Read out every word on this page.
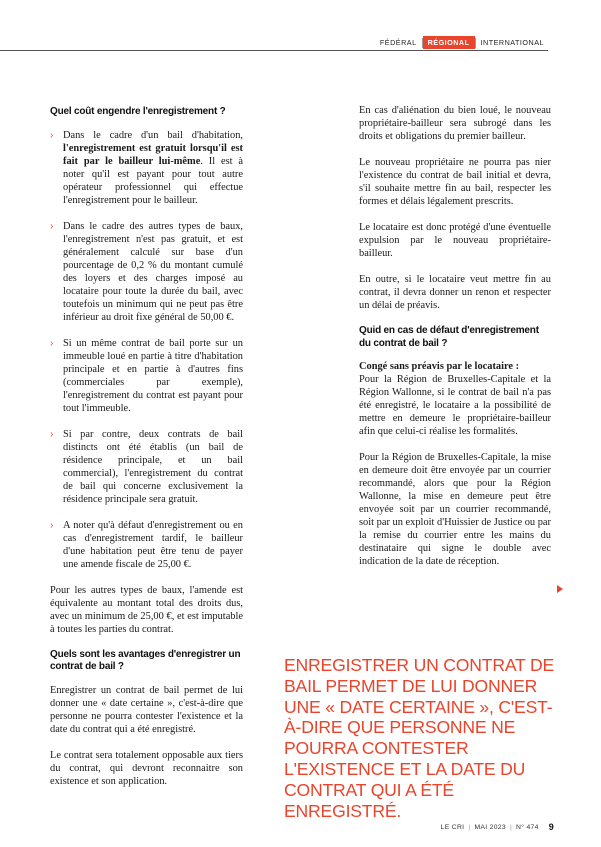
FÉDÉRAL	RÉGIONAL	INTERNATIONAL
Quel coût engendre l'enregistrement ?
› Dans le cadre d'un bail d'habitation, l'enregistrement est gratuit lorsqu'il est fait par le bailleur lui-même. Il est à noter qu'il est payant pour tout autre opérateur professionnel qui effectue l'enregistrement pour le bailleur.
› Dans le cadre des autres types de baux, l'enregistrement n'est pas gratuit, et est généralement calculé sur base d'un pourcentage de 0,2 % du montant cumulé des loyers et des charges imposé au locataire pour toute la durée du bail, avec toutefois un minimum qui ne peut pas être inférieur au droit fixe général de 50,00 €.
› Si un même contrat de bail porte sur un immeuble loué en partie à titre d'habitation principale et en partie à d'autres fins (commerciales par exemple), l'enregistrement du contrat est payant pour tout l'immeuble.
› Si par contre, deux contrats de bail distincts ont été établis (un bail de résidence principale, et un bail commercial), l'enregistrement du contrat de bail qui concerne exclusivement la résidence principale sera gratuit.
› A noter qu'à défaut d'enregistrement ou en cas d'enregistrement tardif, le bailleur d'une habitation peut être tenu de payer une amende fiscale de 25,00 €.

Pour les autres types de baux, l'amende est équivalente au montant total des droits dus, avec un minimum de 25,00 €, et est imputable à toutes les parties du contrat.

Quels sont les avantages d'enregistrer un contrat de bail ?

Enregistrer un contrat de bail permet de lui donner une « date certaine », c'est-à-dire que personne ne pourra contester l'existence et la date du contrat qui a été enregistré.

Le contrat sera totalement opposable aux tiers du contrat, qui devront reconnaitre son existence et son application.

En cas d'aliénation du bien loué, le nouveau propriétaire-bailleur sera subrogé dans les droits et obligations du premier bailleur.

Le nouveau propriétaire ne pourra pas nier l'existence du contrat de bail initial et devra, s'il souhaite mettre fin au bail, respecter les formes et délais légalement prescrits.

Le locataire est donc protégé d'une éventuelle expulsion par le nouveau propriétaire-bailleur.

En outre, si le locataire veut mettre fin au contrat, il devra donner un renon et respecter un délai de préavis.

Quid en cas de défaut d'enregistrement du contrat de bail ?

Congé sans préavis par le locataire :
Pour la Région de Bruxelles-Capitale et la Région Wallonne, si le contrat de bail n'a pas été enregistré, le locataire a la possibilité de mettre en demeure le propriétaire-bailleur afin que celui-ci réalise les formalités.

Pour la Région de Bruxelles-Capitale, la mise en demeure doit être envoyée par un courrier recommandé, alors que pour la Région Wallonne, la mise en demeure peut être envoyée soit par un courrier recommandé, soit par un exploit d'Huissier de Justice ou par la remise du courrier entre les mains du destinataire qui signe le double avec indication de la date de réception.

ENREGISTRER UN CONTRAT DE BAIL PERMET DE LUI DONNER UNE « DATE CERTAINE », C'EST-À-DIRE QUE PERSONNE NE POURRA CONTESTER L'EXISTENCE ET LA DATE DU CONTRAT QUI A ÉTÉ ENREGISTRÉ.
LE CRI | MAI 2023 | N° 474 9
